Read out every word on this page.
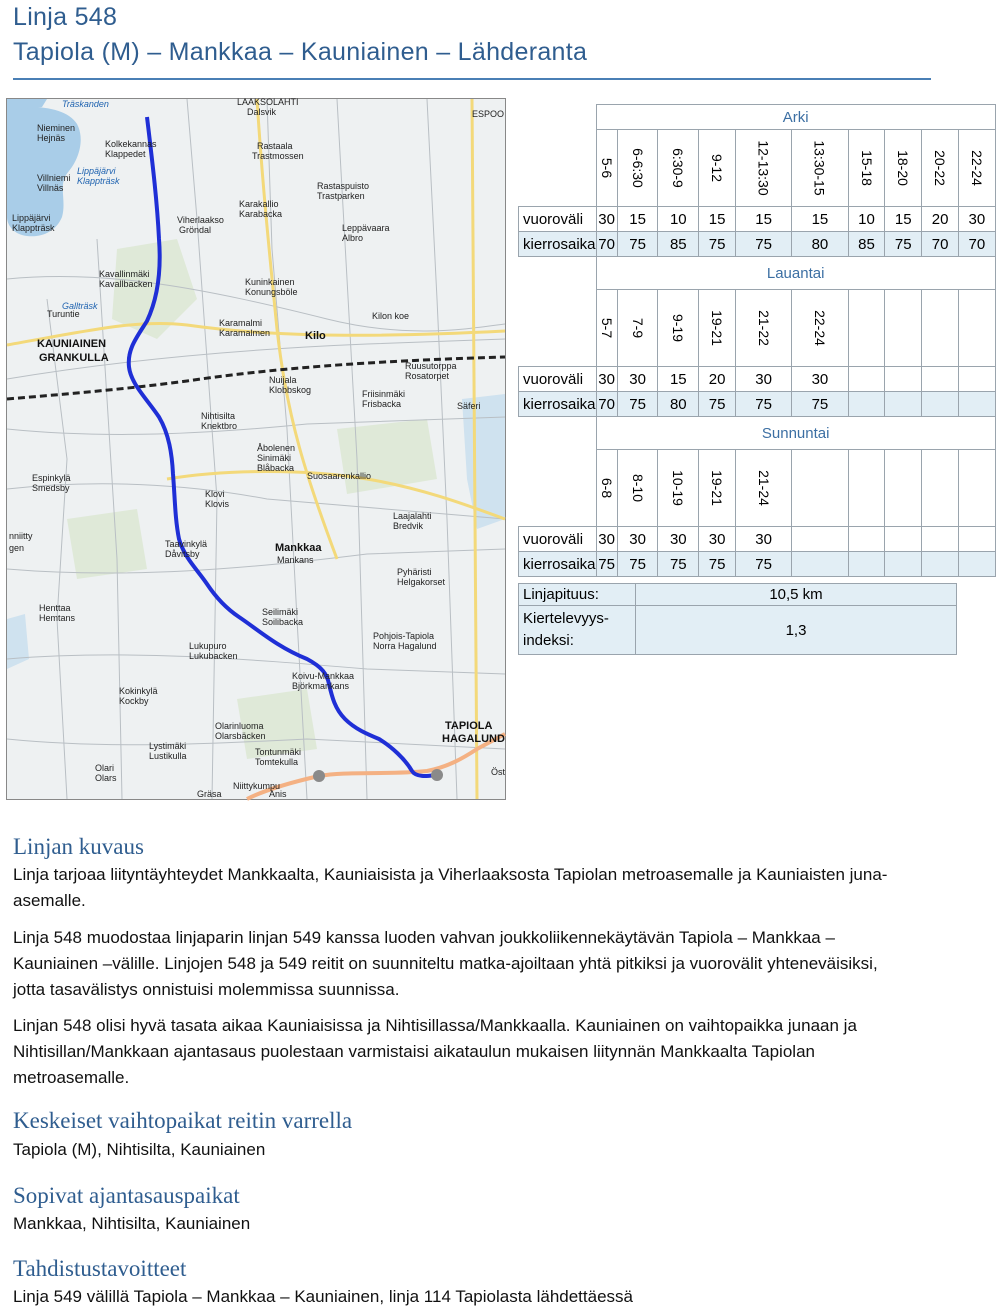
Linja 548
Tapiola (M) – Mankkaa – Kauniainen – Lähderanta
Träskanden	LAAKSOLAHTI
Dalsvik	ESPOO
Nieminen
Hejnäs
Kolkekannas
Klappedet
Rastaala
Trastmossen
Villniemi
Villnäs
Lippäjärvi
Klappträsk
Karakallio
Karabacka
Rastaspuisto
Trastparken
Viherlaakso
Gröndal	Leppävaara
Albro
Lippäjärvi
Klappträsk
Kavallinmäki
Kavallbacken	Kuninkainen
Konungsböle
KAUNIAINEN
GRANKULLA
Karamalmi
Karamalmen	Kilo
Ruusutorppa
Rosatorpet
Nuijala
Klobbskog	Friisinmäki
Frisbacka	Säferi
Nihtisilta
Knektbro
Åbolenen
Sinimäki
Blåbacka
Klovi
Klovis
Laajalahti
Bredvik
Espinkylä
Smedsby
Taavinkylä
Dåvitsby	Mankkaa
Mankans
Pyhäristi
Helgakorset
Henttaa
Hemtans
Seilimäki
Soilibacka
Pohjois-Tapiola
Norra Hagalund
Lukupuro
Lukubacken
Koivu-Mankkaa
Björkmankans
Kokinkylä
Kockby
TAPIOLA
HAGALUND
Olarinluoma
Olarsbäcken
Lystimäki
Lustikulla	Tontunmäki
Tomtekulla
Olari
Olars
Niittykumpu
Gallträsk
Turuntie	Kilon koe
Suosaarenkallio
Gräsa
Öst
gen
Anis
nniitty
	Arki									
	5-6	6-6:30	6:30-9	9-12	12-13:30	13:30-15	15-18	18-20	20-22	22-24
vuoroväli	30	15	10	15	15	15	10	15	20	30
kierrosaika	70	75	85	75	75	80	85	75	70	70
	Lauantai									
	5-7	7-9	9-19	19-21	21-22	22-24				
vuoroväli	30	30	15	20	30	30				
kierrosaika	70	75	80	75	75	75				
	Sunnuntai									
	6-8	8-10	10-19	19-21	21-24					
vuoroväli	30	30	30	30	30					
kierrosaika	75	75	75	75	75					
Linjapituus:	10,5 km

Kiertelevyys-
indeksi:	1,3
Linjan kuvaus
Linja tarjoaa liityntäyhteydet Mankkaalta, Kauniaisista ja Viherlaaksosta Tapiolan metroasemalle ja Kauniaisten juna-asemalle.
Linja 548 muodostaa linjaparin linjan 549 kanssa luoden vahvan joukkoliikennekäytävän Tapiola – Mankkaa – Kauniainen –välille. Linjojen 548 ja 549 reitit on suunniteltu matka-ajoiltaan yhtä pitkiksi ja vuorovälit yhteneväisiksi, jotta tasavälistys onnistuisi molemmissa suunnissa.
Linjan 548 olisi hyvä tasata aikaa Kauniaisissa ja Nihtisillassa/Mankkaalla. Kauniainen on vaihtopaikka junaan ja Nihtisillan/Mankkaan ajantasaus puolestaan varmistaisi aikataulun mukaisen liitynnän Mankkaalta Tapiolan metroasemalle.
Keskeiset vaihtopaikat reitin varrella
Tapiola (M), Nihtisilta, Kauniainen
Sopivat ajantasauspaikat
Mankkaa, Nihtisilta, Kauniainen
Tahdistustavoitteet
Linja 549 välillä Tapiola – Mankkaa – Kauniainen, linja 114 Tapiolasta lähdettäessä
